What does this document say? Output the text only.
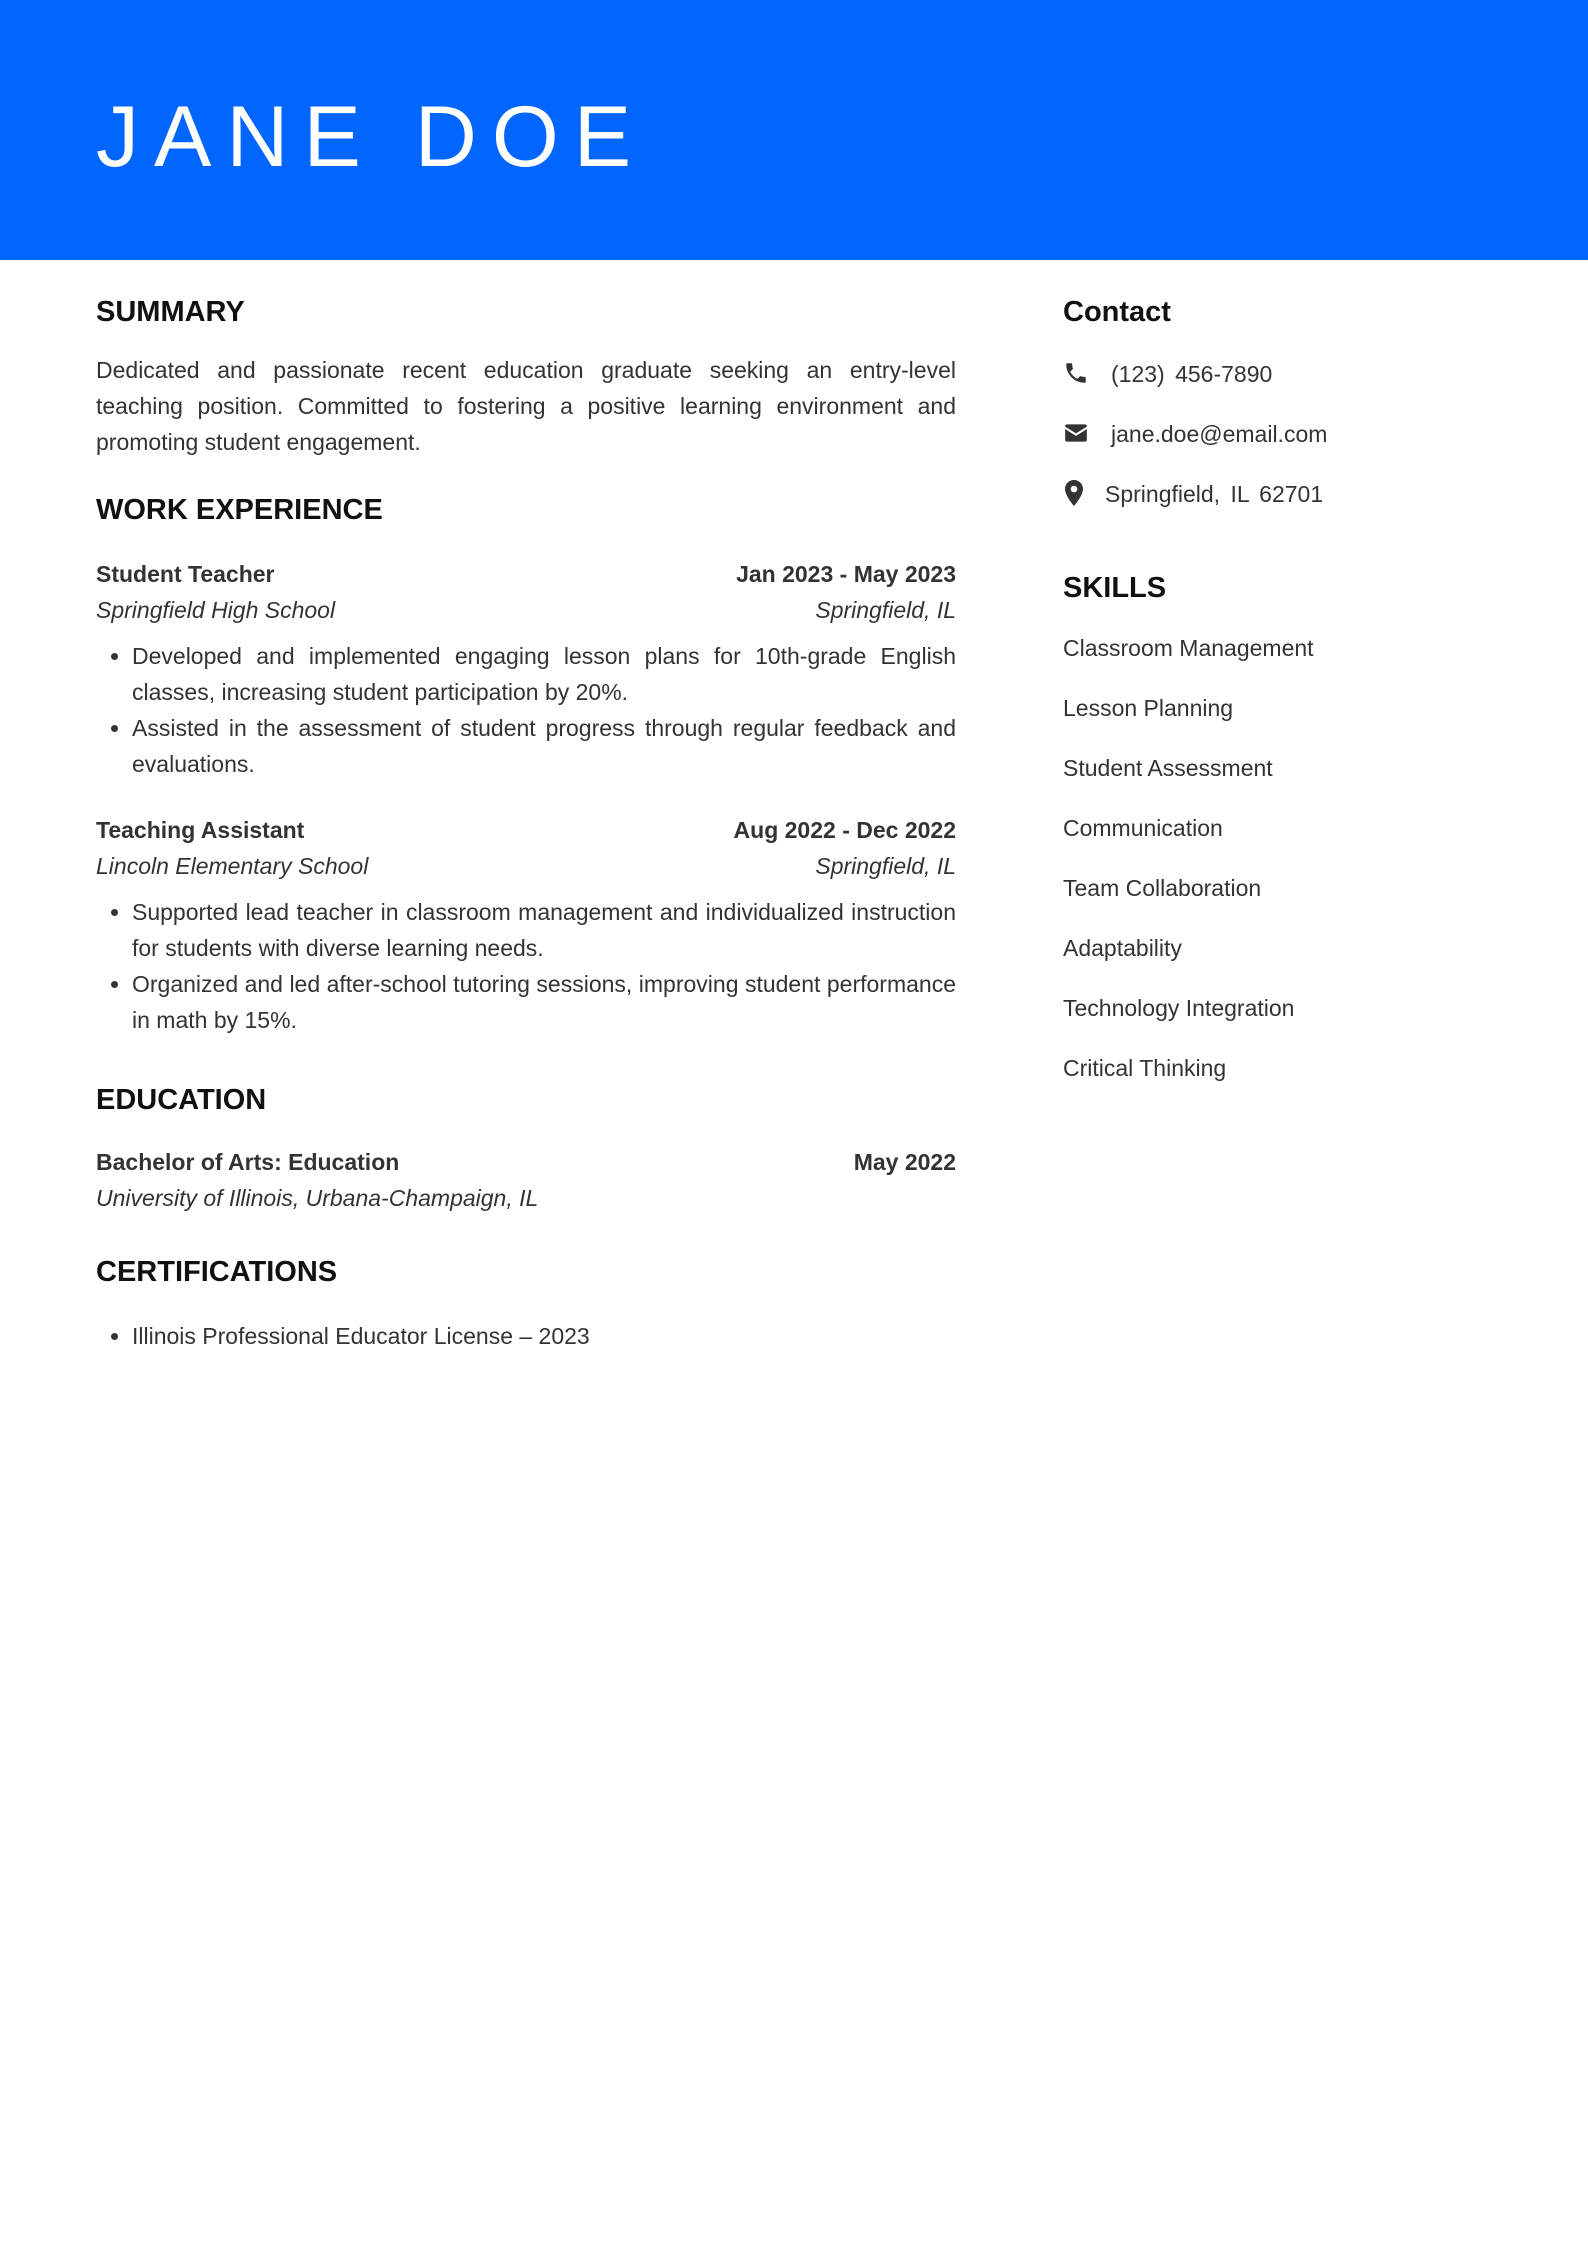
JANE DOE
SUMMARY

Dedicated and passionate recent education graduate seeking an entry-level teaching position. Committed to fostering a positive learning environment and promoting student engagement.

WORK EXPERIENCE
Student Teacher	Jan 2023 - May 2023
Springfield High School	Springfield, IL
• Developed and implemented engaging lesson plans for 10th-grade English classes, increasing student participation by 20%.
• Assisted in the assessment of student progress through regular feedback and evaluations.
Teaching Assistant	Aug 2022 - Dec 2022
Lincoln Elementary School	Springfield, IL
• Supported lead teacher in classroom management and individualized instruction for students with diverse learning needs.
• Organized and led after-school tutoring sessions, improving student performance in math by 15%.
EDUCATION
Bachelor of Arts: Education	May 2022
University of Illinois, Urbana-Champaign, IL
CERTIFICATIONS
• Illinois Professional Educator License – 2023
Contact
(123) 456-7890
jane.doe@email.com
Springfield, IL 62701
SKILLS
Classroom Management
Lesson Planning
Student Assessment
Communication
Team Collaboration
Adaptability
Technology Integration
Critical Thinking
